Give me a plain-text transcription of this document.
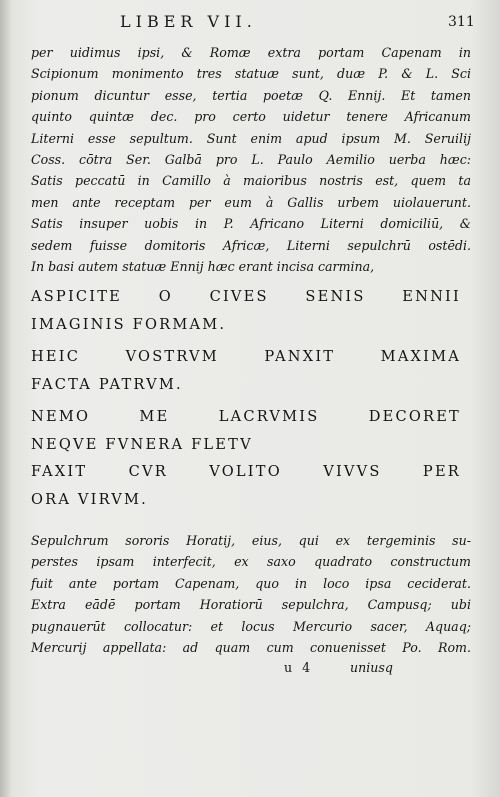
LIBER VII.	311
per uidimus ipsi, & Romæ extra portam Capenam in
Scipionum monimento tres statuæ sunt, duæ P. & L. Sci
pionum dicuntur esse, tertia poetæ Q. Ennij. Et tamen
quinto quintæ dec. pro certo uidetur tenere Africanum
Literni esse sepultum. Sunt enim apud ipsum M. Seruilij
Coss. cōtra Ser. Galbā pro L. Paulo Aemilio uerba hæc:
Satis peccatū in Camillo à maioribus nostris est, quem ta
men ante receptam per eum à Gallis urbem uiolauerunt.
Satis insuper uobis in P. Africano Literni domiciliū, &
sedem fuisse domitoris Africæ, Literni sepulchrū ostēdi.
In basi autem statuæ Ennij hæc erant incisa carmina,
ASPICITE O CIVES SENIS ENNII
IMAGINIS FORMAM.
HEIC VOSTRVM PANXIT MAXIMA
FACTA PATRVM.
NEMO ME LACRVMIS DECORET
NEQVE FVNERA FLETV
FAXIT CVR VOLITO VIVVS PER
ORA VIRVM.
Sepulchrum sororis Horatij, eius, qui ex tergeminis su-
perstes ipsam interfecit, ex saxo quadrato constructum
fuit ante portam Capenam, quo in loco ipsa ceciderat.
Extra eādē portam Horatiorū sepulchra, Campusq; ubi
pugnauerūt collocatur: et locus Mercurio sacer, Aquaq;
Mercurij appellata: ad quam cum conuenisset Po. Rom.
u 4	uniusq
